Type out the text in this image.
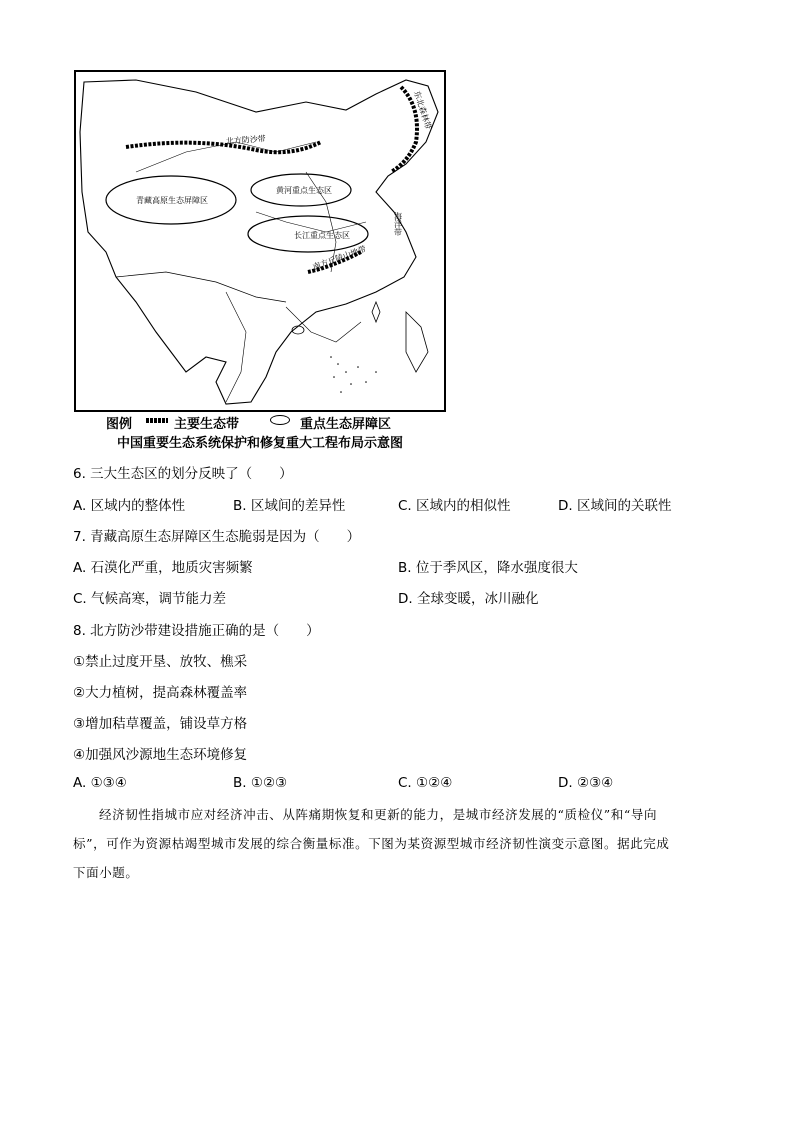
青藏高原生态屏障区
黄河重点生态区
长江重点生态区
北方防沙带
东北森林带
南方丘陵山地带
海洋带
图例	主要生态带	重点生态屏障区
中国重要生态系统保护和修复重大工程布局示意图
6. 三大生态区的划分反映了（　　）
A. 区域内的整体性	B. 区域间的差异性	C. 区域内的相似性	D. 区域间的关联性
7. 青藏高原生态屏障区生态脆弱是因为（　　）
A. 石漠化严重，地质灾害频繁	B. 位于季风区，降水强度很大
C. 气候高寒，调节能力差	D. 全球变暖，冰川融化
8. 北方防沙带建设措施正确的是（　　）
①禁止过度开垦、放牧、樵采
②大力植树，提高森林覆盖率
③增加秸草覆盖，铺设草方格
④加强风沙源地生态环境修复
A. ①③④	B. ①②③	C. ①②④	D. ②③④
经济韧性指城市应对经济冲击、从阵痛期恢复和更新的能力，是城市经济发展的“质检仪”和“导向
标”，可作为资源枯竭型城市发展的综合衡量标准。下图为某资源型城市经济韧性演变示意图。据此完成
下面小题。
